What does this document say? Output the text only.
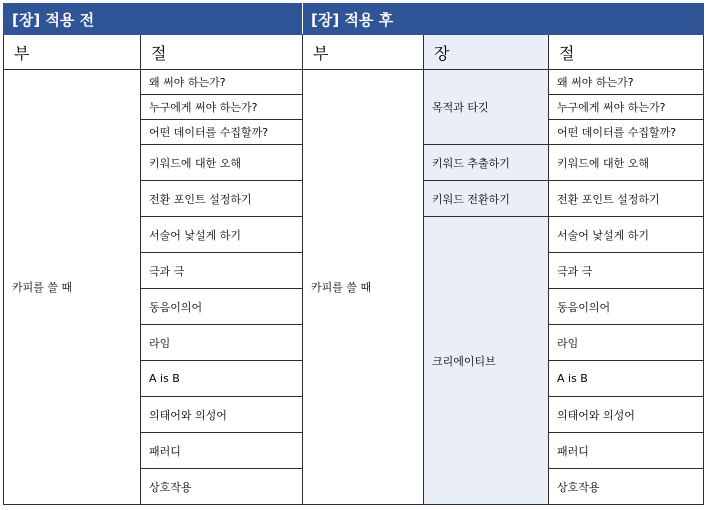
[장] 적용 전		[장] 적용 후		
부	절	부	장	절
카피를 쓸 때	왜 써야 하는가?	카피를 쓸 때	목적과 타깃	왜 써야 하는가?
	누구에게 써야 하는가?			누구에게 써야 하는가?
	어떤 데이터를 수집할까?			어떤 데이터를 수집할까?
	키워드에 대한 오해		키워드 추출하기	키워드에 대한 오해
	전환 포인트 설정하기		키워드 전환하기	전환 포인트 설정하기
	서술어 낯설게 하기		크리에이티브	서술어 낯설게 하기
	극과 극			극과 극
	동음이의어			동음이의어
	라임			라임
	A is B			A is B
	의태어와 의성어			의태어와 의성어
	패러디			패러디
	상호작용			상호작용
